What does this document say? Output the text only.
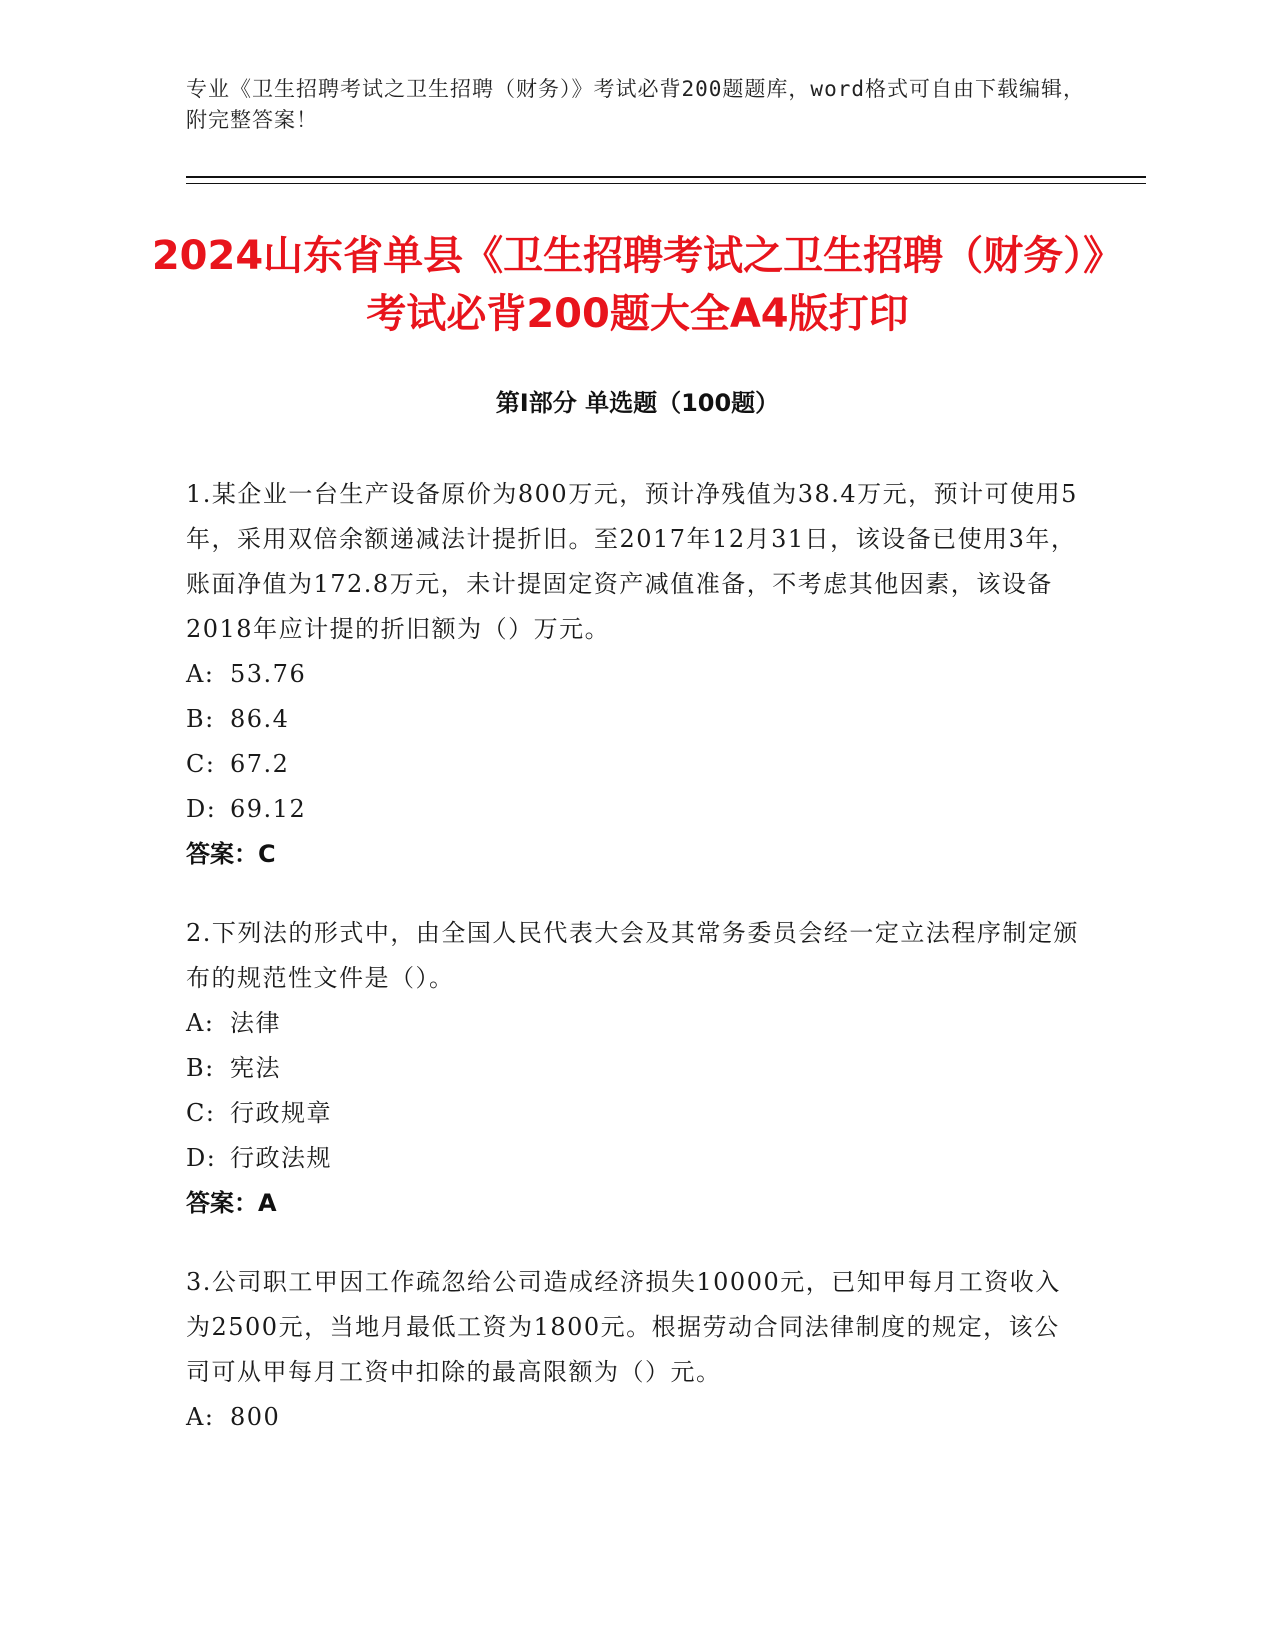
专业《卫生招聘考试之卫生招聘（财务）》考试必背200题题库，word格式可自由下载编辑，附完整答案！
2024山东省单县《卫生招聘考试之卫生招聘（财务）》考试必背200题大全A4版打印
第I部分 单选题（100题）

1.某企业一台生产设备原价为800万元，预计净残值为38.4万元，预计可使用5年，采用双倍余额递减法计提折旧。至2017年12月31日，该设备已使用3年，账面净值为172.8万元，未计提固定资产减值准备，不考虑其他因素，该设备2018年应计提的折旧额为（）万元。

A: 53.76

B: 86.4

C: 67.2

D: 69.12

答案：C

2.下列法的形式中，由全国人民代表大会及其常务委员会经一定立法程序制定颁布的规范性文件是（）。

A: 法律

B: 宪法

C: 行政规章

D: 行政法规

答案：A

3.公司职工甲因工作疏忽给公司造成经济损失10000元，已知甲每月工资收入为2500元，当地月最低工资为1800元。根据劳动合同法律制度的规定，该公司可从甲每月工资中扣除的最高限额为（）元。

A: 800
